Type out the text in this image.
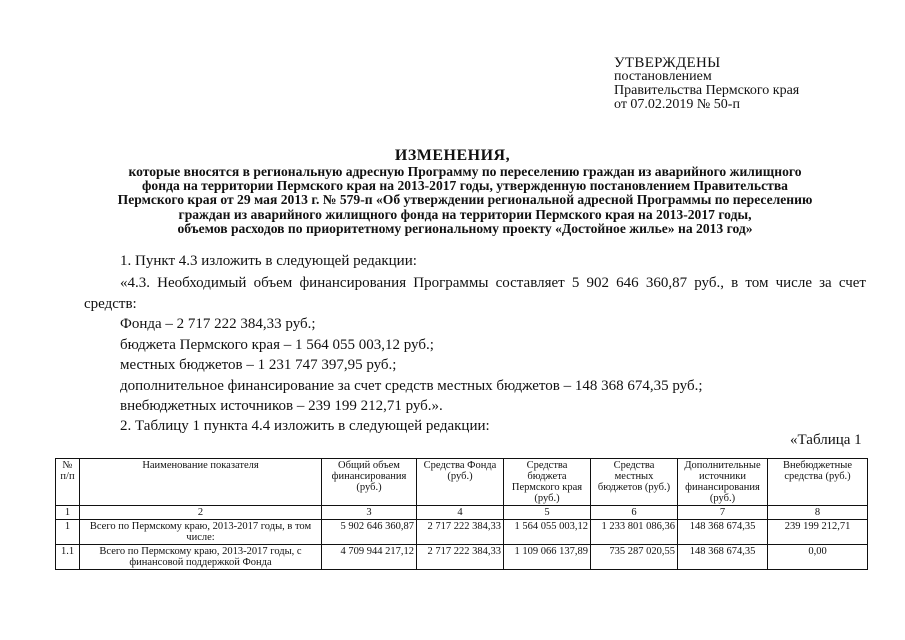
УТВЕРЖДЕНЫ
постановлением
Правительства Пермского края
от 07.02.2019 № 50-п
ИЗМЕНЕНИЯ,
которые вносятся в региональную адресную Программу по переселению граждан из аварийного жилищного
фонда на территории Пермского края на 2013-2017 годы, утвержденную постановлением Правительства
Пермского края от 29 мая 2013 г. № 579-п «Об утверждении региональной адресной Программы по переселению
граждан из аварийного жилищного фонда на территории Пермского края на 2013-2017 годы,
объемов расходов по приоритетному региональному проекту «Достойное жилье» на 2013 год»
1. Пункт 4.3 изложить в следующей редакции:
«4.3. Необходимый объем финансирования Программы составляет 5 902 646 360,87 руб., в том числе за счет
средств:
Фонда – 2 717 222 384,33 руб.;
бюджета Пермского края – 1 564 055 003,12 руб.;
местных бюджетов – 1 231 747 397,95 руб.;
дополнительное финансирование за счет средств местных бюджетов – 148 368 674,35 руб.;
внебюджетных источников – 239 199 212,71 руб.».
2. Таблицу 1 пункта 4.4 изложить в следующей редакции:
«Таблица 1
№ п/п	Наименование показателя	Общий объем финансирования (руб.)	Средства Фонда (руб.)	Средства бюджета Пермского края (руб.)	Средства местных бюджетов (руб.)	Дополнительные источники финансирования (руб.)	Внебюджетные средства (руб.)
1	2	3	4	5	6	7	8
1	Всего по Пермскому краю, 2013-2017 годы, в том числе:	5 902 646 360,87	2 717 222 384,33	1 564 055 003,12	1 233 801 086,36	148 368 674,35	239 199 212,71
1.1	Всего по Пермскому краю, 2013-2017 годы, с финансовой поддержкой Фонда	4 709 944 217,12	2 717 222 384,33	1 109 066 137,89	735 287 020,55	148 368 674,35	0,00
